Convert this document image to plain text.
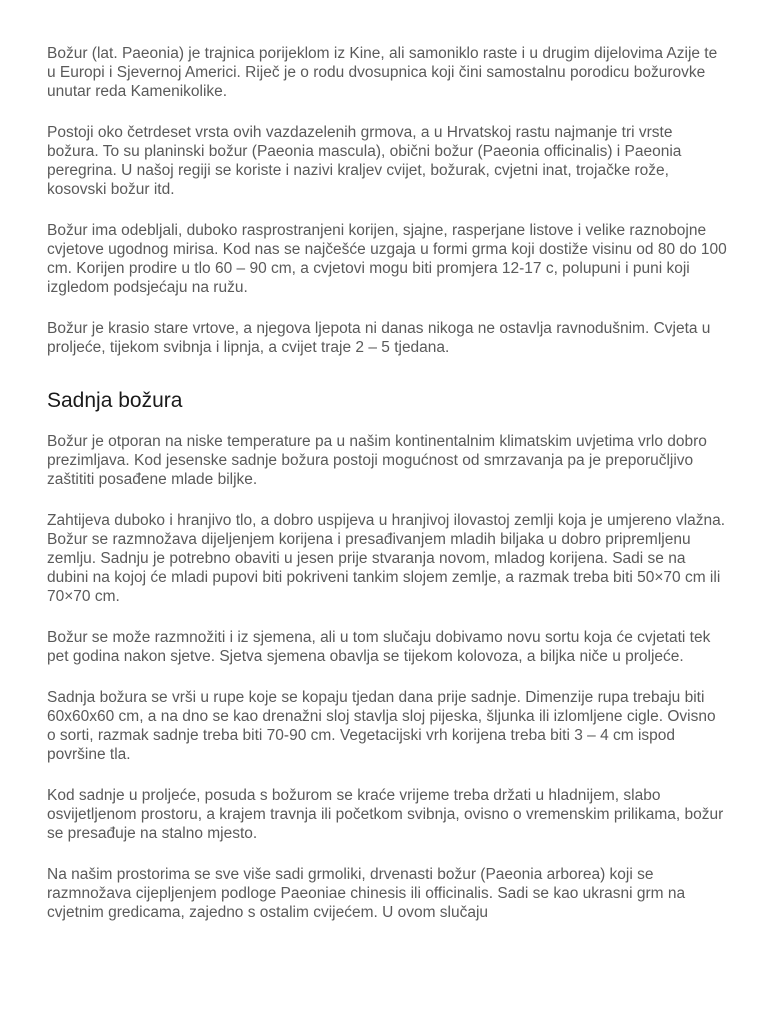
Božur (lat. Paeonia) je trajnica porijeklom iz Kine, ali samoniklo raste i u drugim dijelovima Azije te u Europi i Sjevernoj Americi. Riječ je o rodu dvosupnica koji čini samostalnu porodicu božurovke unutar reda Kamenikolike.

Postoji oko četrdeset vrsta ovih vazdazelenih grmova, a u Hrvatskoj rastu najmanje tri vrste božura. To su planinski božur (Paeonia mascula), obični božur (Paeonia officinalis) i Paeonia peregrina. U našoj regiji se koriste i nazivi kraljev cvijet, božurak, cvjetni inat, trojačke rože, kosovski božur itd.

Božur ima odebljali, duboko rasprostranjeni korijen, sjajne, rasperjane listove i velike raznobojne cvjetove ugodnog mirisa. Kod nas se najčešće uzgaja u formi grma koji dostiže visinu od 80 do 100 cm. Korijen prodire u tlo 60 – 90 cm, a cvjetovi mogu biti promjera 12-17 c, polupuni i puni koji izgledom podsjećaju na ružu.

Božur je krasio stare vrtove, a njegova ljepota ni danas nikoga ne ostavlja ravnodušnim. Cvjeta u proljeće, tijekom svibnja i lipnja, a cvijet traje 2 – 5 tjedana.

Sadnja božura

Božur je otporan na niske temperature pa u našim kontinentalnim klimatskim uvjetima vrlo dobro prezimljava. Kod jesenske sadnje božura postoji mogućnost od smrzavanja pa je preporučljivo zaštititi posađene mlade biljke.

Zahtijeva duboko i hranjivo tlo, a dobro uspijeva u hranjivoj ilovastoj zemlji koja je umjereno vlažna. Božur se razmnožava dijeljenjem korijena i presađivanjem mladih biljaka u dobro pripremljenu zemlju. Sadnju je potrebno obaviti u jesen prije stvaranja novom, mladog korijena. Sadi se na dubini na kojoj će mladi pupovi biti pokriveni tankim slojem zemlje, a razmak treba biti 50×70 cm ili 70×70 cm.

Božur se može razmnožiti i iz sjemena, ali u tom slučaju dobivamo novu sortu koja će cvjetati tek pet godina nakon sjetve. Sjetva sjemena obavlja se tijekom kolovoza, a biljka niče u proljeće.

Sadnja božura se vrši u rupe koje se kopaju tjedan dana prije sadnje. Dimenzije rupa trebaju biti 60x60x60 cm, a na dno se kao drenažni sloj stavlja sloj pijeska, šljunka ili izlomljene cigle. Ovisno o sorti, razmak sadnje treba biti 70-90 cm. Vegetacijski vrh korijena treba biti 3 – 4 cm ispod površine tla.

Kod sadnje u proljeće, posuda s božurom se kraće vrijeme treba držati u hladnijem, slabo osvijetljenom prostoru, a krajem travnja ili početkom svibnja, ovisno o vremenskim prilikama, božur se presađuje na stalno mjesto.

Na našim prostorima se sve više sadi grmoliki, drvenasti božur (Paeonia arborea) koji se razmnožava cijepljenjem podloge Paeoniae chinesis ili officinalis. Sadi se kao ukrasni grm na cvjetnim gredicama, zajedno s ostalim cvijećem. U ovom slučaju
